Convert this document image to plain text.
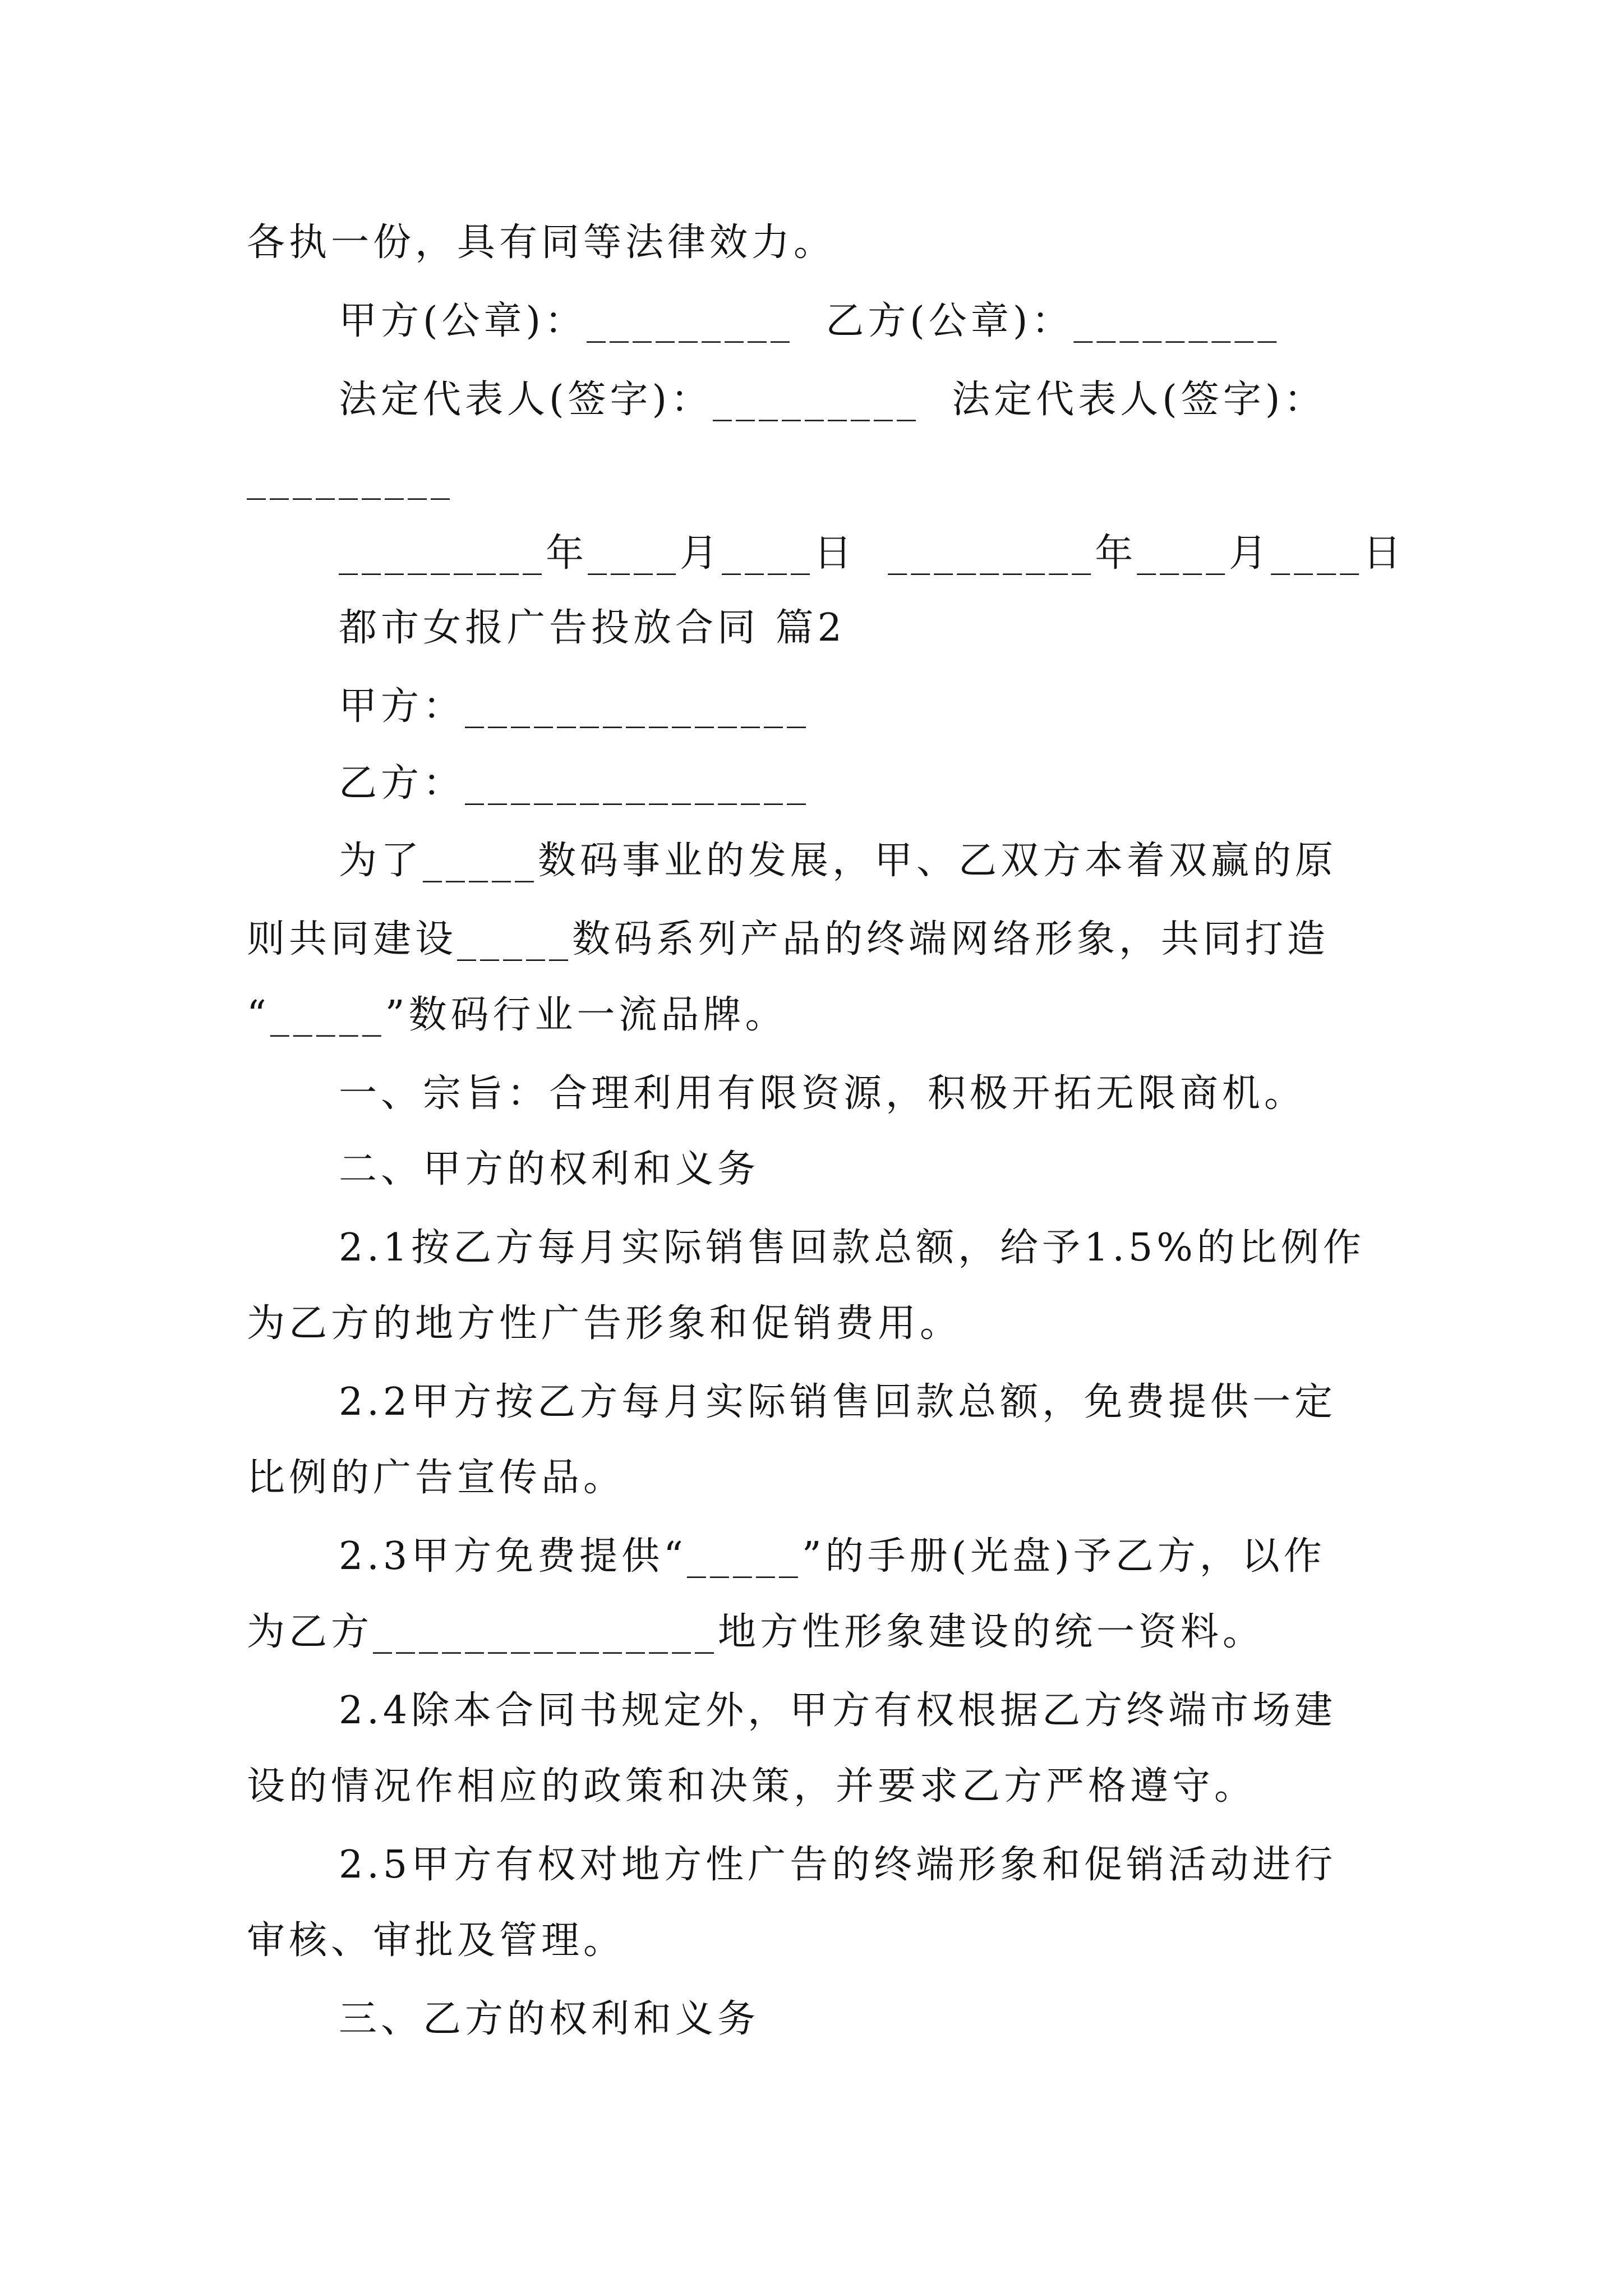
各执一份，具有同等法律效力。
甲方(公章)：_________  乙方(公章)：_________
法定代表人(签字)：_________  法定代表人(签字)：
_________
_________年____月____日  _________年____月____日
都市女报广告投放合同 篇2
甲方：_______________
乙方：_______________
为了_____数码事业的发展，甲、乙双方本着双赢的原
则共同建设_____数码系列产品的终端网络形象，共同打造
“_____”数码行业一流品牌。
一、宗旨：合理利用有限资源，积极开拓无限商机。
二、甲方的权利和义务
2.1按乙方每月实际销售回款总额，给予1.5%的比例作
为乙方的地方性广告形象和促销费用。
2.2甲方按乙方每月实际销售回款总额，免费提供一定
比例的广告宣传品。
2.3甲方免费提供“_____”的手册(光盘)予乙方，以作
为乙方_______________地方性形象建设的统一资料。
2.4除本合同书规定外，甲方有权根据乙方终端市场建
设的情况作相应的政策和决策，并要求乙方严格遵守。
2.5甲方有权对地方性广告的终端形象和促销活动进行
审核、审批及管理。
三、乙方的权利和义务
